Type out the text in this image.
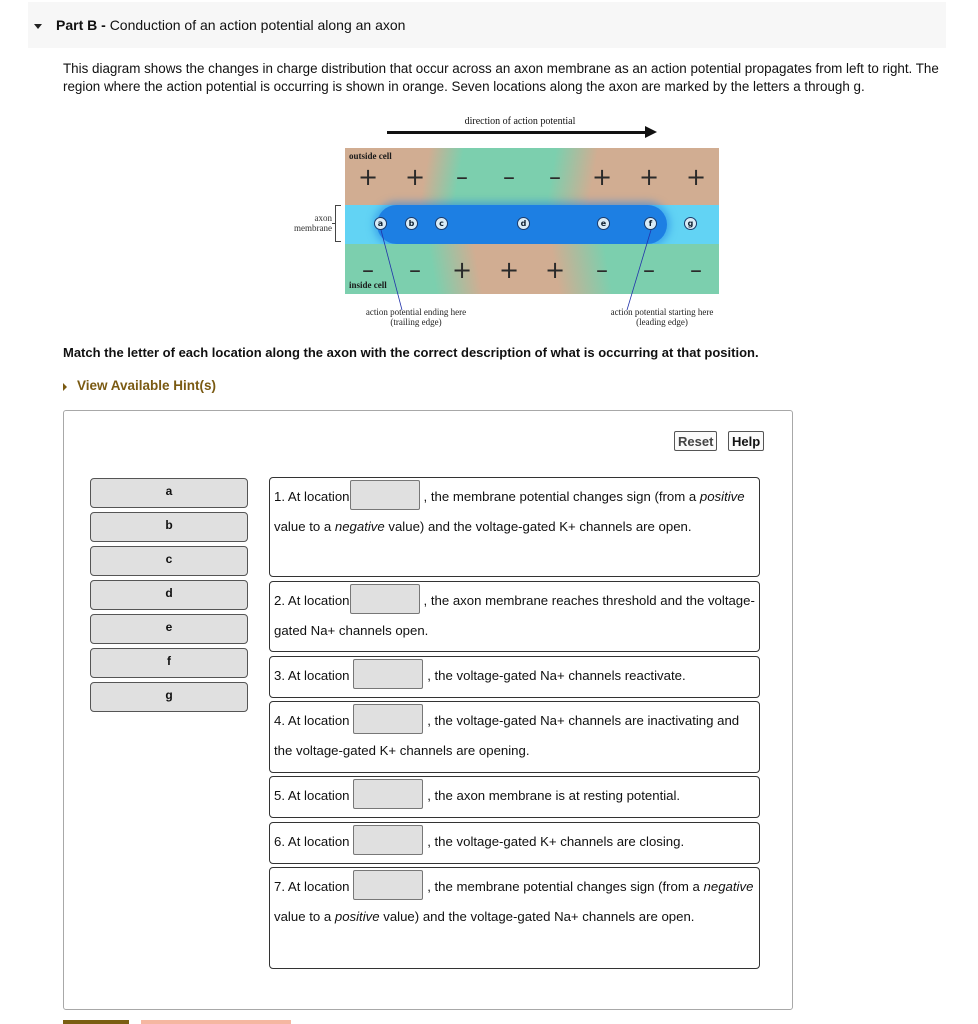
Part B - Conduction of an action potential along an axon

This diagram shows the changes in charge distribution that occur across an axon membrane as an action potential propagates from left to right. The region where the action potential is occurring is shown in orange. Seven locations along the axon are marked by the letters a through g.

direction of action potential
axon
membrane
outside cell
inside cell
+	+	–	–	–	+	+	+
–	–	+	+	+	–	–	–
a	b	c	d	e	f	g
action potential ending here
(trailing edge)
action potential starting here
(leading edge)

Match the letter of each location along the axon with the correct description of what is occurring at that position.

View Available Hint(s)
Reset	Help
a
b
c
d
e
f
g
1. At location	, the membrane potential changes sign (from a positive value to a negative value) and the voltage-gated K+ channels are open.
2. At location	, the axon membrane reaches threshold and the voltage-gated Na+ channels open.
3. At location	, the voltage-gated Na+ channels reactivate.
4. At location	, the voltage-gated Na+ channels are inactivating and the voltage-gated K+ channels are opening.
5. At location	, the axon membrane is at resting potential.
6. At location	, the voltage-gated K+ channels are closing.
7. At location	, the membrane potential changes sign (from a negative value to a positive value) and the voltage-gated Na+ channels are open.
